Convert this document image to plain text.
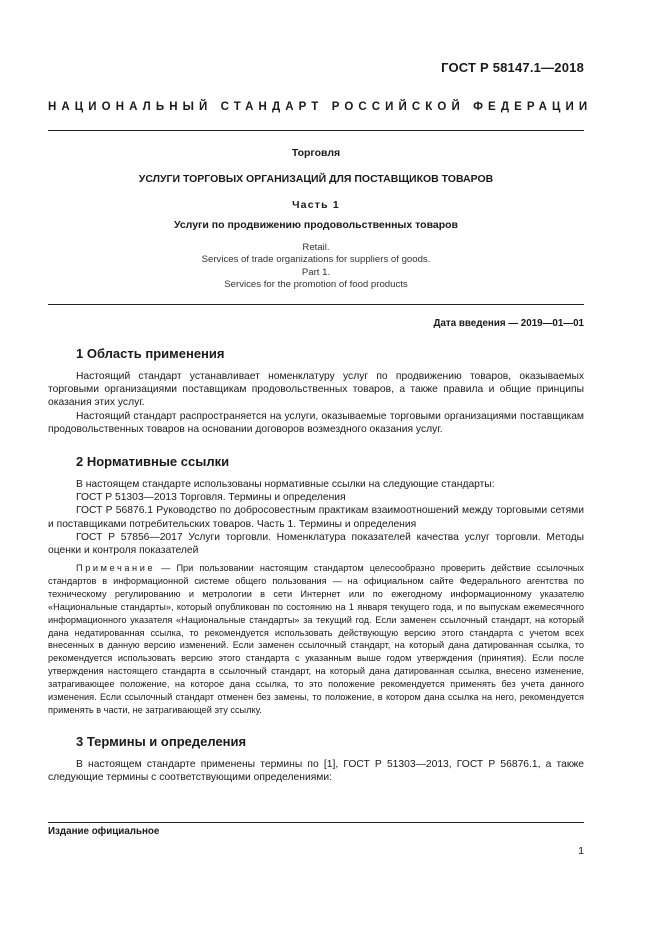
ГОСТ Р 58147.1—2018
НАЦИОНАЛЬНЫЙ СТАНДАРТ РОССИЙСКОЙ ФЕДЕРАЦИИ
Торговля
УСЛУГИ ТОРГОВЫХ ОРГАНИЗАЦИЙ ДЛЯ ПОСТАВЩИКОВ ТОВАРОВ
Часть 1
Услуги по продвижению продовольственных товаров
Retail.
Services of trade organizations for suppliers of goods.
Part 1.
Services for the promotion of food products
Дата введения — 2019—01—01
1 Область применения

Настоящий стандарт устанавливает номенклатуру услуг по продвижению товаров, оказываемых торговыми организациями поставщикам продовольственных товаров, а также правила и общие принципы оказания этих услуг.

Настоящий стандарт распространяется на услуги, оказываемые торговыми организациями поставщикам продовольственных товаров на основании договоров возмездного оказания услуг.

2 Нормативные ссылки

В настоящем стандарте использованы нормативные ссылки на следующие стандарты:

ГОСТ Р 51303—2013 Торговля. Термины и определения

ГОСТ Р 56876.1 Руководство по добросовестным практикам взаимоотношений между торговыми сетями и поставщиками потребительских товаров. Часть 1. Термины и определения

ГОСТ Р 57856—2017 Услуги торговли. Номенклатура показателей качества услуг торговли. Методы оценки и контроля показателей

Примечание — При пользовании настоящим стандартом целесообразно проверить действие ссылочных стандартов в информационной системе общего пользования — на официальном сайте Федерального агентства по техническому регулированию и метрологии в сети Интернет или по ежегодному информационному указателю «Национальные стандарты», который опубликован по состоянию на 1 января текущего года, и по выпускам ежемесячного информационного указателя «Национальные стандарты» за текущий год. Если заменен ссылочный стандарт, на который дана недатированная ссылка, то рекомендуется использовать действующую версию этого стандарта с учетом всех внесенных в данную версию изменений. Если заменен ссылочный стандарт, на который дана датированная ссылка, то рекомендуется использовать версию этого стандарта с указанным выше годом утверждения (принятия). Если после утверждения настоящего стандарта в ссылочный стандарт, на который дана датированная ссылка, внесено изменение, затрагивающее положение, на которое дана ссылка, то это положение рекомендуется применять без учета данного изменения. Если ссылочный стандарт отменен без замены, то положение, в котором дана ссылка на него, рекомендуется применять в части, не затрагивающей эту ссылку.

3 Термины и определения

В настоящем стандарте применены термины по [1], ГОСТ Р 51303—2013, ГОСТ Р 56876.1, а также следующие термины с соответствующими определениями:

Издание официальное
1
